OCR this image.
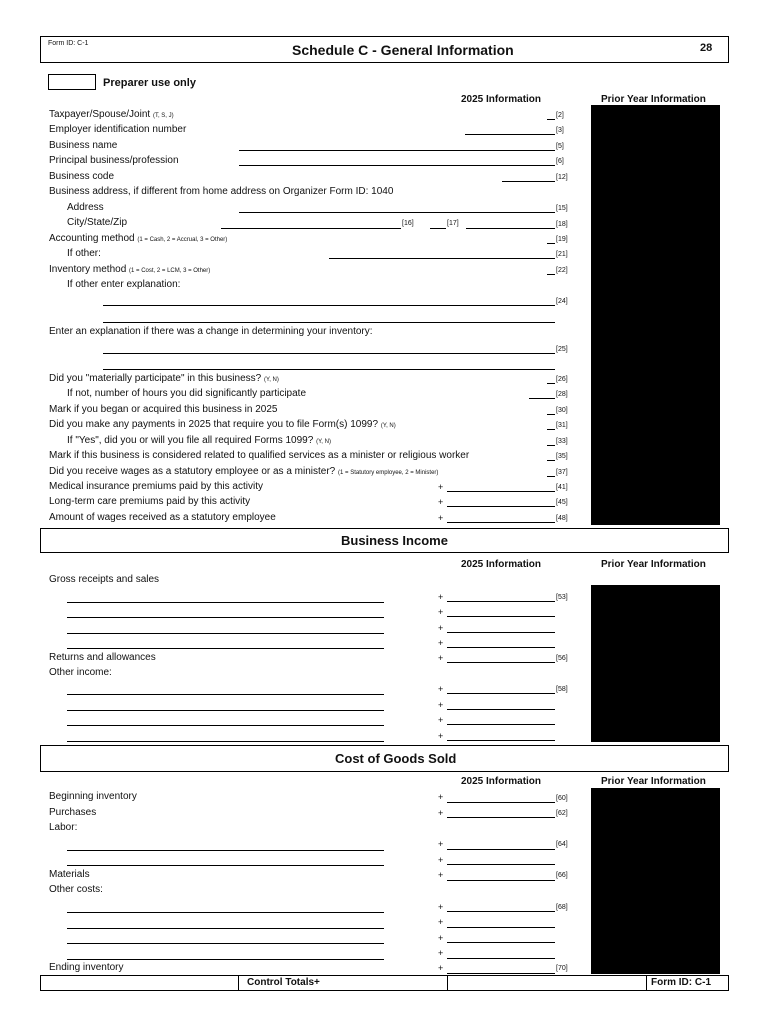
Form ID: C-1	Schedule C - General Information	28
Preparer use only
2025 Information	Prior Year Information
Taxpayer/Spouse/Joint (T, S, J)	[2]
Employer identification number	[3]
Business name	[5]
Principal business/profession	[6]
Business code	[12]
Business address, if different from home address on Organizer Form ID: 1040
Address	[15]
City/State/Zip	[16]	[17]	[18]
Accounting method (1 = Cash, 2 = Accrual, 3 = Other)	[19]
If other:	[21]
Inventory method (1 = Cost, 2 = LCM, 3 = Other)	[22]
If other enter explanation:
[24]
Enter an explanation if there was a change in determining your inventory:
[25]
Did you "materially participate" in this business? (Y, N)	[26]
If not, number of hours you did significantly participate	[28]
Mark if you began or acquired this business in 2025	[30]
Did you make any payments in 2025 that require you to file Form(s) 1099? (Y, N)	[31]
If "Yes", did you or will you file all required Forms 1099? (Y, N)	[33]
Mark if this business is considered related to qualified services as a minister or religious worker	[35]
Did you receive wages as a statutory employee or as a minister? (1 = Statutory employee, 2 = Minister)	[37]
Medical insurance premiums paid by this activity	+	[41]
Long-term care premiums paid by this activity	+	[45]
Amount of wages received as a statutory employee	+	[48]
Business Income
2025 Information	Prior Year Information
Gross receipts and sales
+	[53]
+
+
+
Returns and allowances	+	[56]
Other income:
+	[58]
+
+
+
Cost of Goods Sold
2025 Information	Prior Year Information
Beginning inventory	+	[60]
Purchases	+	[62]
Labor:
+	[64]
+
Materials	+	[66]
Other costs:
+	[68]
+
+
+
Ending inventory	+	[70]
Control Totals+	Form ID: C-1
